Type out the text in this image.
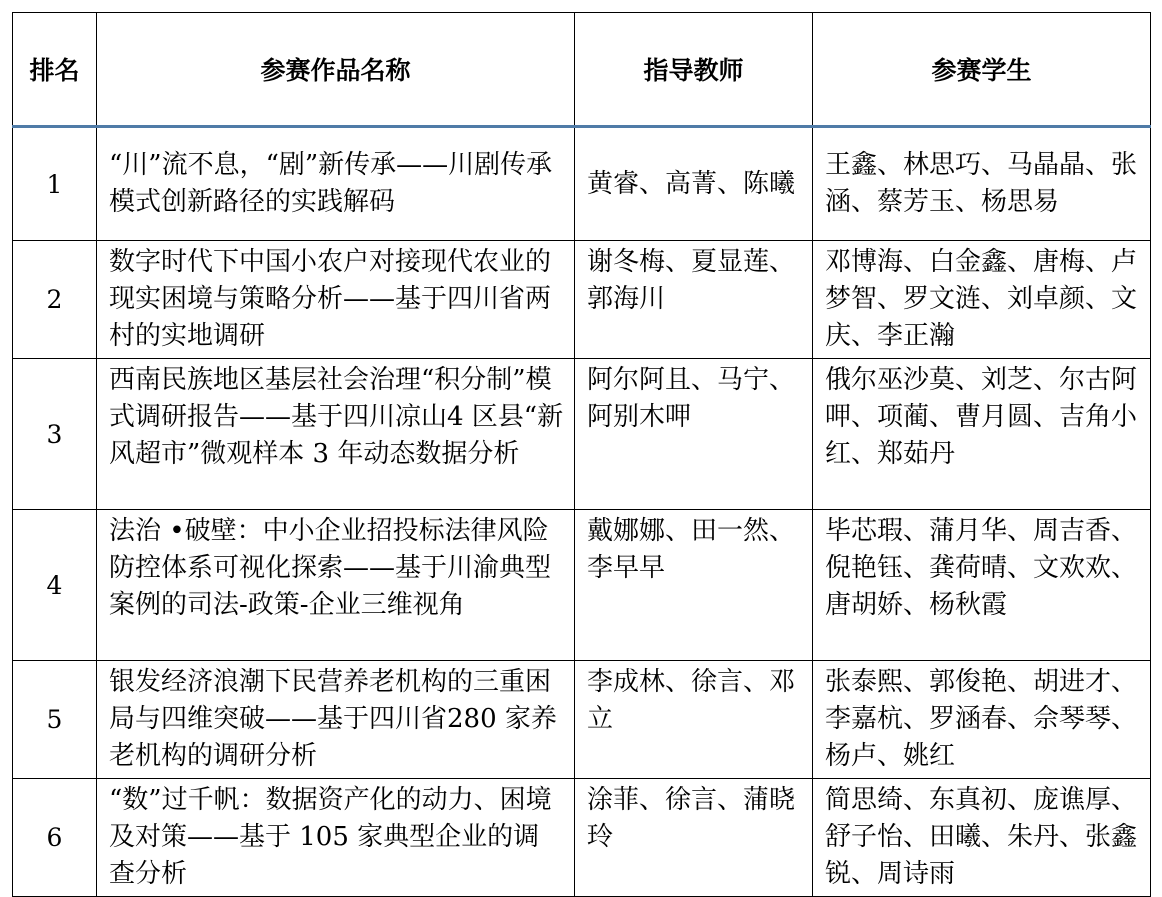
排名	参赛作品名称	指导教师	参赛学生
1	“川”流不息，“剧”新传承——川剧传承模式创新路径的实践解码	黄睿、高菁、陈曦	王鑫、林思巧、马晶晶、张涵、蔡芳玉、杨思易
2	数字时代下中国小农户对接现代农业的现实困境与策略分析——基于四川省两村的实地调研	谢冬梅、夏显莲、郭海川	邓博海、白金鑫、唐梅、卢梦智、罗文涟、刘卓颜、文庆、李正瀚
3	西南民族地区基层社会治理“积分制”模式调研报告——基于四川凉山4 区县“新风超市”微观样本 3 年动态数据分析	阿尔阿且、马宁、阿别木呷	俄尔巫沙莫、刘芝、尔古阿呷、项蔺、曹月圆、吉角小红、郑茹丹
4	法治 •破壁：中小企业招投标法律风险防控体系可视化探索——基于川渝典型案例的司法-政策-企业三维视角	戴娜娜、田一然、李早早	毕芯瑕、蒲月华、周吉香、倪艳钰、龚荷晴、文欢欢、唐胡娇、杨秋霞
5	银发经济浪潮下民营养老机构的三重困局与四维突破——基于四川省280 家养老机构的调研分析	李成林、徐言、邓立	张泰熙、郭俊艳、胡进才、李嘉杭、罗涵春、佘琴琴、杨卢、姚红
6	“数”过千帆：数据资产化的动力、困境及对策——基于 105 家典型企业的调查分析	涂菲、徐言、蒲晓玲	简思绮、东真初、庞谯厚、舒子怡、田曦、朱丹、张鑫锐、周诗雨
